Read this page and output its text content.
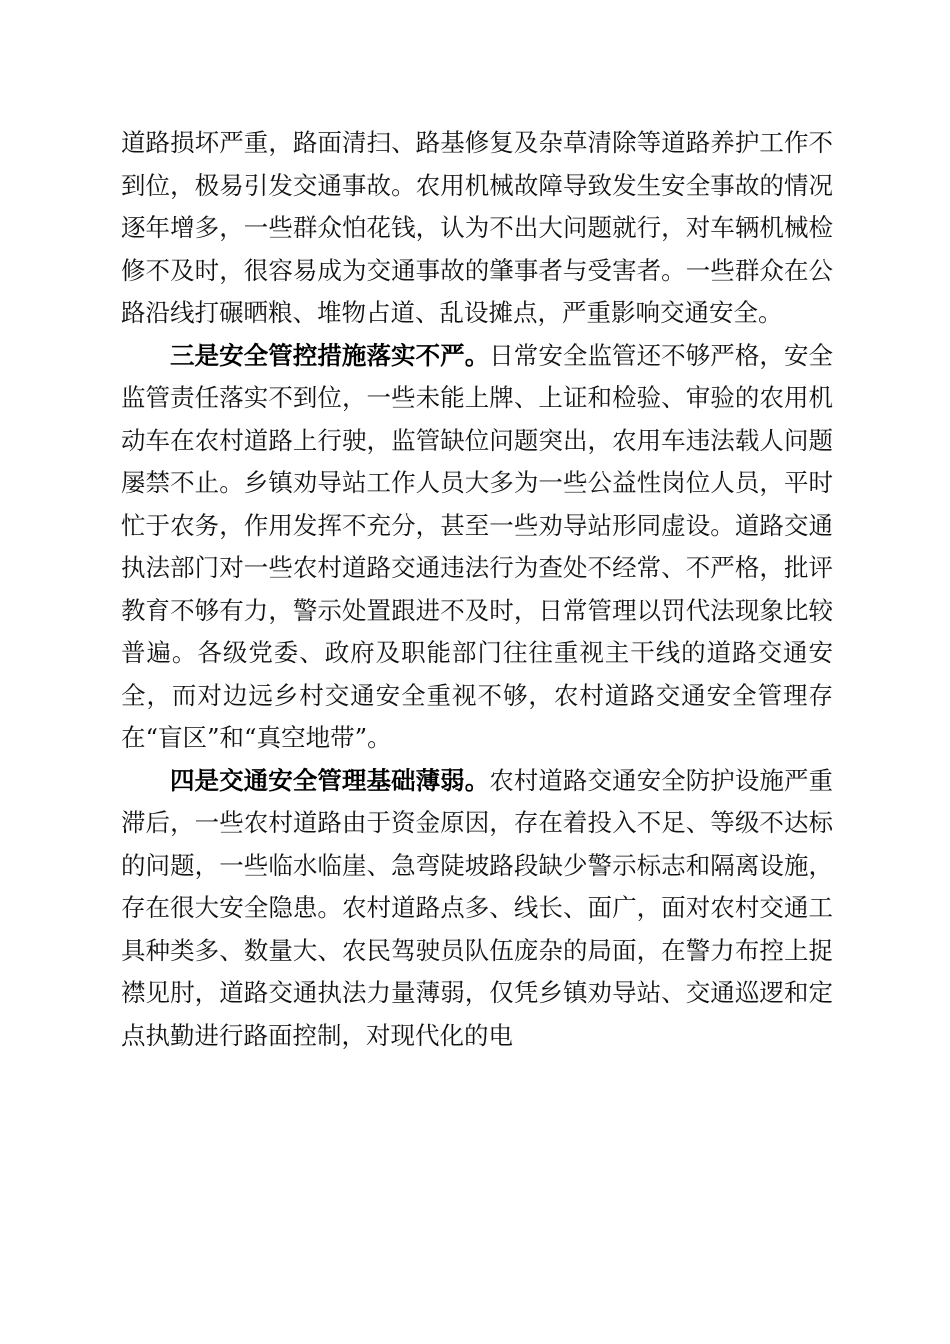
道路损坏严重，路面清扫、路基修复及杂草清除等道路养护工作不到位，极易引发交通事故。农用机械故障导致发生安全事故的情况逐年增多，一些群众怕花钱，认为不出大问题就行，对车辆机械检修不及时，很容易成为交通事故的肇事者与受害者。一些群众在公路沿线打碾晒粮、堆物占道、乱设摊点，严重影响交通安全。

三是安全管控措施落实不严。日常安全监管还不够严格，安全监管责任落实不到位，一些未能上牌、上证和检验、审验的农用机动车在农村道路上行驶，监管缺位问题突出，农用车违法载人问题屡禁不止。乡镇劝导站工作人员大多为一些公益性岗位人员，平时忙于农务，作用发挥不充分，甚至一些劝导站形同虚设。道路交通执法部门对一些农村道路交通违法行为查处不经常、不严格，批评教育不够有力，警示处置跟进不及时，日常管理以罚代法现象比较普遍。各级党委、政府及职能部门往往重视主干线的道路交通安全，而对边远乡村交通安全重视不够，农村道路交通安全管理存在“盲区”和“真空地带”。

四是交通安全管理基础薄弱。农村道路交通安全防护设施严重滞后，一些农村道路由于资金原因，存在着投入不足、等级不达标的问题，一些临水临崖、急弯陡坡路段缺少警示标志和隔离设施，存在很大安全隐患。农村道路点多、线长、面广，面对农村交通工具种类多、数量大、农民驾驶员队伍庞杂的局面，在警力布控上捉襟见肘，道路交通执法力量薄弱，仅凭乡镇劝导站、交通巡逻和定点执勤进行路面控制，对现代化的电
